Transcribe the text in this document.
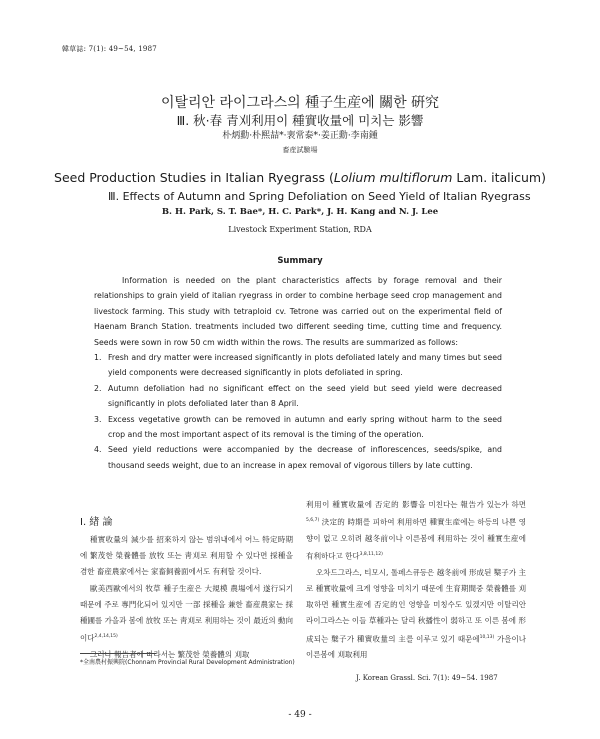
韓草誌: 7(1): 49~54, 1987
이탈리안 라이그라스의 種子生産에 關한 硏究
Ⅲ. 秋·春 青刈利用이 種實收量에 미치는 影響
朴炳勳·朴熙喆*·裵常泰*·姜正勳·李南鍾
畜産試驗場
Seed Production Studies in Italian Ryegrass (Lolium multiflorum Lam. italicum)
Ⅲ. Effects of Autumn and Spring Defoliation on Seed Yield of Italian Ryegrass
B. H. Park, S. T. Bae*, H. C. Park*, J. H. Kang and N. J. Lee
Livestock Experiment Station, RDA
Summary

Information is needed on the plant characteristics affects by forage removal and their relationships to grain yield of italian ryegrass in order to combine herbage seed crop management and livestock farming. This study with tetraploid cv. Tetrone was carried out on the experimental field of Haenam Branch Station. treatments included two different seeding time, cutting time and frequency. Seeds were sown in row 50 cm width within the rows. The results are summarized as follows:

1. Fresh and dry matter were increased significantly in plots defoliated lately and many times but seed yield components were decreased significantly in plots defoliated in spring.
2. Autumn defoliation had no significant effect on the seed yield but seed yield were decreased significantly in plots defoliated later than 8 April.
3. Excess vegetative growth can be removed in autumn and early spring without harm to the seed crop and the most important aspect of its removal is the timing of the operation.
4. Seed yield reductions were accompanied by the decrease of inflorescences, seeds/spike, and thousand seeds weight, due to an increase in apex removal of vigorous tillers by late cutting.
Ⅰ. 緖 論

種實收量의 減少를 招來하지 않는 범위내에서 어느 特定時期에 繁茂한 榮養體를 放牧 또는 靑刈로 利用할 수 있다면 採種을 겸한 畜産農家에서는 家畜飼養面에서도 有利할 것이다.

歐美西歐에서의 牧草 種子生産은 大規模 農場에서 遂行되기 때문에 주로 專門化되어 있지만 一部 採種을 兼한 畜産農家는 採種圃를 가을과 봄에 放牧 또는 靑刈로 利用하는 것이 最近의 動向이다$^{2,4,14,15)}$

그러나 報告者에 따라서는 繁茂한 榮養體의 刈取

利用이 種實收量에 否定的 影響을 미친다는 報告가 있는가 하면$^{5,6,7)}$ 決定的 時期를 피하여 利用하면 種實生産에는 하등의 나쁜 영향이 없고 오히려 越冬前이나 이른봄에 利用하는 것이 種實生産에 有利하다고 한다$^{3,8,11,12)}$

오차드그라스, 티모시, 톨페스큐등은 越冬前에 形成된 櫱子가 主로 種實收量에 크게 영향을 미치기 때문에 生育期間중 榮養體를 刈取하면 種實生産에 否定的인 영향을 미칭수도 있겠지만 이탈리안 라이그라스는 이들 草種과는 달리 秋播性이 弱하고 또 이른 봄에 形成되는 櫱子가 種實收量의 主를 이루고 있기 때문에$^{10,13)}$ 가을이나 이른봄에 刈取利用

*全南農村振興院(Chonnam Provincial Rural Development Administration)
J. Korean Grassl. Sci. 7(1): 49~54. 1987
- 49 -
